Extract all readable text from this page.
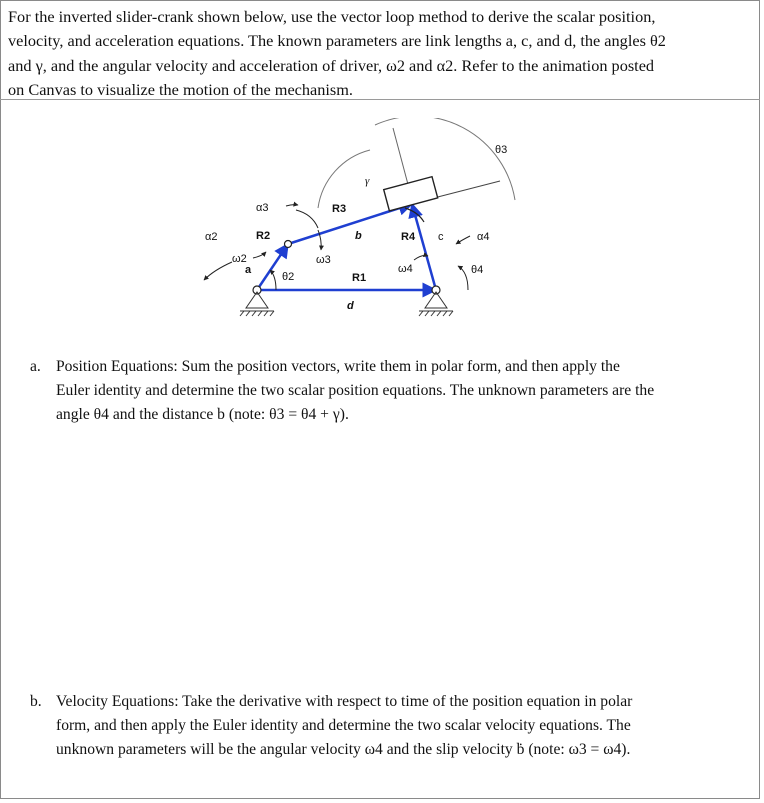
For the inverted slider-crank shown below, use the vector loop method to derive the scalar position,
velocity, and acceleration equations. The known parameters are link lengths a, c, and d, the angles θ2
and γ, and the angular velocity and acceleration of driver, ω2 and α2. Refer to the animation posted
on Canvas to visualize the motion of the mechanism.
γ
θ3
α3	R3
α2	R2	b	R4 c	α4
ω2	ω3
a
θ2	R1
ω4	θ4
d
a. Position Equations: Sum the position vectors, write them in polar form, and then apply the
Euler identity and determine the two scalar position equations. The unknown parameters are the
angle θ4 and the distance b (note: θ3 = θ4 + γ).
b. Velocity Equations: Take the derivative with respect to time of the position equation in polar
form, and then apply the Euler identity and determine the two scalar velocity equations. The
unknown parameters will be the angular velocity ω4 and the slip velocity ḃ (note: ω3 = ω4).
